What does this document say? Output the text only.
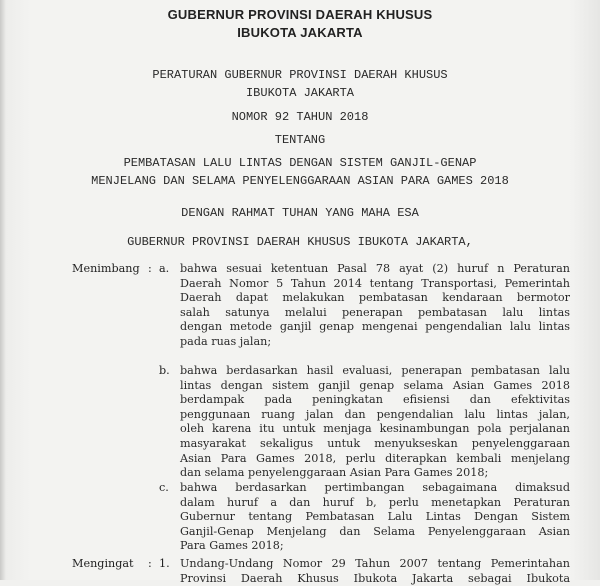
GUBERNUR PROVINSI DAERAH KHUSUS
IBUKOTA JAKARTA
PERATURAN GUBERNUR PROVINSI DAERAH KHUSUS
IBUKOTA JAKARTA
NOMOR 92 TAHUN 2018
TENTANG
PEMBATASAN LALU LINTAS DENGAN SISTEM GANJIL-GENAP
MENJELANG DAN SELAMA PENYELENGGARAAN ASIAN PARA GAMES 2018
DENGAN RAHMAT TUHAN YANG MAHA ESA
GUBERNUR PROVINSI DAERAH KHUSUS IBUKOTA JAKARTA,
Menimbang : a. bahwa sesuai ketentuan Pasal 78 ayat (2) huruf n Peraturan
Daerah Nomor 5 Tahun 2014 tentang Transportasi, Pemerintah
Daerah dapat melakukan pembatasan kendaraan bermotor
salah satunya melalui penerapan pembatasan lalu lintas
dengan metode ganjil genap mengenai pengendalian lalu lintas
pada ruas jalan;
b. bahwa berdasarkan hasil evaluasi, penerapan pembatasan lalu
lintas dengan sistem ganjil genap selama Asian Games 2018
berdampak pada peningkatan efisiensi dan efektivitas
penggunaan ruang jalan dan pengendalian lalu lintas jalan,
oleh karena itu untuk menjaga kesinambungan pola perjalanan
masyarakat sekaligus untuk menyukseskan penyelenggaraan
Asian Para Games 2018, perlu diterapkan kembali menjelang
dan selama penyelenggaraan Asian Para Games 2018;
c. bahwa berdasarkan pertimbangan sebagaimana dimaksud
dalam huruf a dan huruf b, perlu menetapkan Peraturan
Gubernur tentang Pembatasan Lalu Lintas Dengan Sistem
Ganjil-Genap Menjelang dan Selama Penyelenggaraan Asian
Para Games 2018;
Mengingat : 1. Undang-Undang Nomor 29 Tahun 2007 tentang Pemerintahan
Provinsi Daerah Khusus Ibukota Jakarta sebagai Ibukota
